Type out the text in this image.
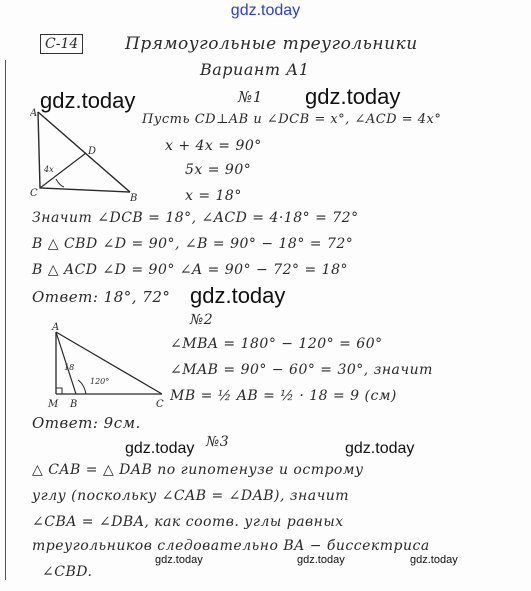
gdz.today
C-14	Прямоугольные треугольники
Вариант А1
gdz.today	№1 gdz.today
A
C	B
D
4x
Пусть CD⊥AB и ∠DCB = x°, ∠ACD = 4x°
x + 4x = 90°
5x = 90°
x = 18°
Значит ∠DCB = 18°, ∠ACD = 4·18° = 72°
В △ CBD ∠D = 90°, ∠B = 90° − 18° = 72°
В △ ACD ∠D = 90° ∠A = 90° − 72° = 18°
Ответ: 18°, 72° gdz.today
№2
A
M B	C
18
120°
∠MBA = 180° − 120° = 60°
∠MAB = 90° − 60° = 30°, значит
MB = ½ AB = ½ · 18 = 9 (см)
Ответ: 9см.
gdz.today №3	gdz.today
△ CAB = △ DAB по гипотенузе и острому
углу (поскольку ∠CAB = ∠DAB), значит
∠CBA = ∠DBA, как соотв. углы равных
треугольников следовательно BA − биссектриса
∠CBD.
gdz.today	gdz.today	gdz.today
